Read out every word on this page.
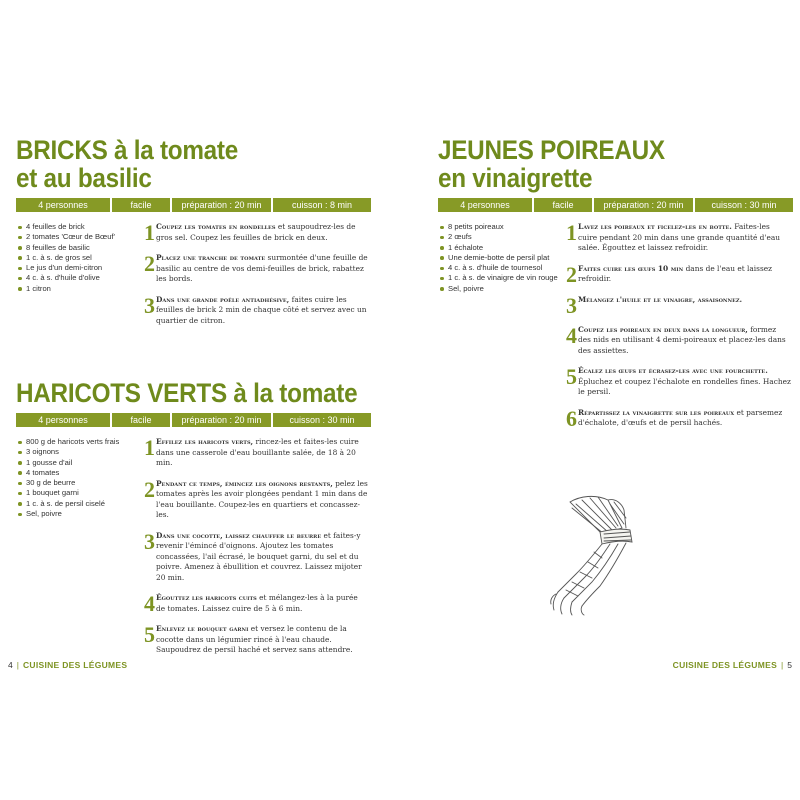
BRICKS à la tomate
et au basilic
4 personnes	facile	préparation : 20 min	cuisson : 8 min
4 feuilles de brick
2 tomates 'Cœur de Bœuf'
8 feuilles de basilic
1 c. à s. de gros sel
Le jus d'un demi-citron
4 c. à s. d'huile d'olive
1 citron
1 Coupez les tomates en rondelles et saupoudrez-les de gros sel. Coupez les feuilles de brick en deux.
2 Placez une tranche de tomate surmontée d'une feuille de basilic au centre de vos demi-feuilles de brick, rabattez les bords.
3 Dans une grande poêle antiadhésive, faites cuire les feuilles de brick 2 min de chaque côté et servez avec un quartier de citron.
HARICOTS VERTS à la tomate
4 personnes	facile	préparation : 20 min	cuisson : 30 min
800 g de haricots verts frais
3 oignons
1 gousse d'ail
4 tomates
30 g de beurre
1 bouquet garni
1 c. à s. de persil ciselé
Sel, poivre
1 Effilez les haricots verts, rincez-les et faites-les cuire dans une casserole d'eau bouillante salée, de 18 à 20 min.
2 Pendant ce temps, émincez les oignons restants, pelez les tomates après les avoir plongées pendant 1 min dans de l'eau bouillante. Coupez-les en quartiers et concassez-les.
3 Dans une cocotte, laissez chauffer le beurre et faites-y revenir l'émincé d'oignons. Ajoutez les tomates concassées, l'ail écrasé, le bouquet garni, du sel et du poivre. Amenez à ébullition et couvrez. Laissez mijoter 20 min.
4 Égouttez les haricots cuits et mélangez-les à la purée de tomates. Laissez cuire de 5 à 6 min.
5 Enlevez le bouquet garni et versez le contenu de la cocotte dans un légumier rincé à l'eau chaude. Saupoudrez de persil haché et servez sans attendre.
4 | CUISINE DES LÉGUMES
JEUNES POIREAUX
en vinaigrette
4 personnes	facile	préparation : 20 min	cuisson : 30 min
8 petits poireaux
2 œufs
1 échalote
Une demie-botte de persil plat
4 c. à s. d'huile de tournesol
1 c. à s. de vinaigre de vin rouge
Sel, poivre
1 Lavez les poireaux et ficelez-les en botte. Faites-les cuire pendant 20 min dans une grande quantité d'eau salée. Égouttez et laissez refroidir.
2 Faites cuire les œufs 10 min dans de l'eau et laissez refroidir.
3 Mélangez l'huile et le vinaigre, assaisonnez.
4 Coupez les poireaux en deux dans la longueur, formez des nids en utilisant 4 demi-poireaux et placez-les dans des assiettes.
5 Écalez les œufs et écrasez-les avec une fourchette. Épluchez et coupez l'échalote en rondelles fines. Hachez le persil.
6 Répartissez la vinaigrette sur les poireaux et parsemez d'échalote, d'œufs et de persil hachés.
CUISINE DES LÉGUMES | 5
